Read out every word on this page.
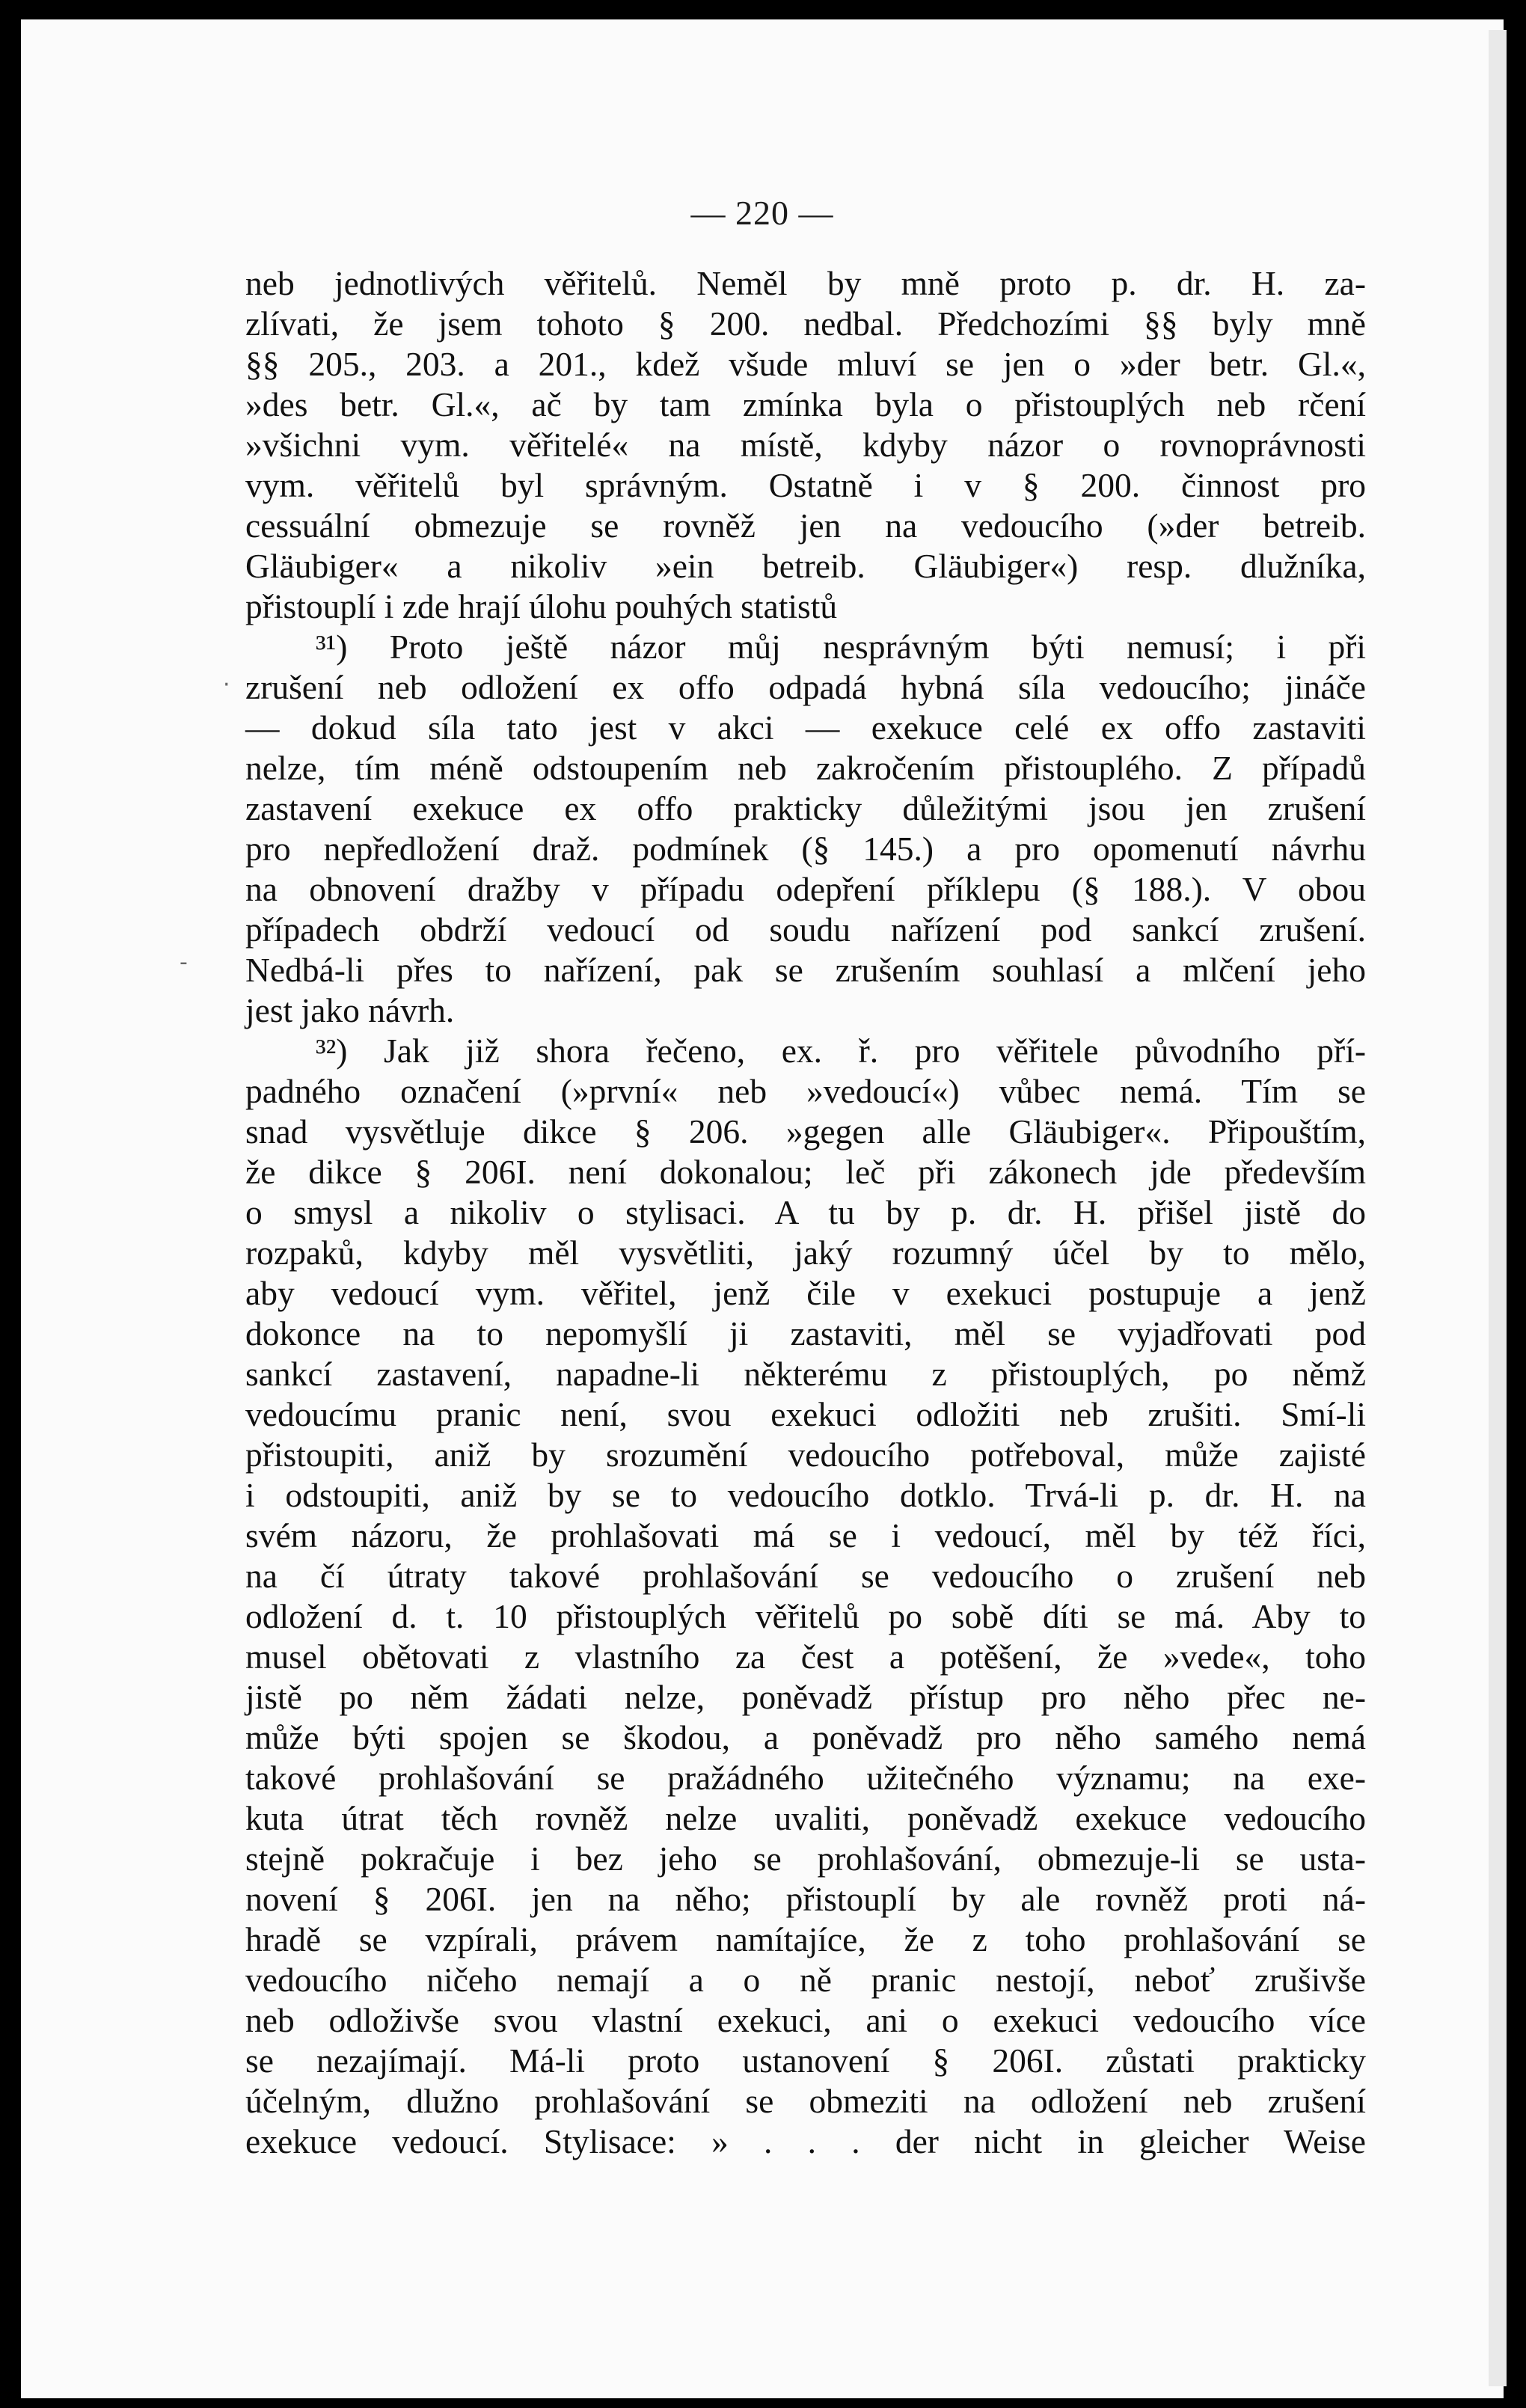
— 220 —
·
-
neb jednotlivých věřitelů. Neměl by mně proto p. dr. H. za-
zlívati, že jsem tohoto § 200. nedbal. Předchozími §§ byly mně
§§ 205., 203. a 201., kdež všude mluví se jen o »der betr. Gl.«,
»des betr. Gl.«, ač by tam zmínka byla o přistouplých neb rčení
»všichni vym. věřitelé« na místě, kdyby názor o rovnoprávnosti
vym. věřitelů byl správným. Ostatně i v § 200. činnost pro
cessuální obmezuje se rovněž jen na vedoucího (»der betreib.
Gläubiger« a nikoliv »ein betreib. Gläubiger«) resp. dlužníka,
přistouplí i zde hrají úlohu pouhých statistů
³¹) Proto ještě názor můj nesprávným býti nemusí; i při
zrušení neb odložení ex offo odpadá hybná síla vedoucího; jináče
— dokud síla tato jest v akci — exekuce celé ex offo zastaviti
nelze, tím méně odstoupením neb zakročením přistouplého. Z případů
zastavení exekuce ex offo prakticky důležitými jsou jen zrušení
pro nepředložení draž. podmínek (§ 145.) a pro opomenutí návrhu
na obnovení dražby v případu odepření příklepu (§ 188.). V obou
případech obdrží vedoucí od soudu nařízení pod sankcí zrušení.
Nedbá-li přes to nařízení, pak se zrušením souhlasí a mlčení jeho
jest jako návrh.
³²) Jak již shora řečeno, ex. ř. pro věřitele původního pří-
padného označení (»první« neb »vedoucí«) vůbec nemá. Tím se
snad vysvětluje dikce § 206. »gegen alle Gläubiger«. Připouštím,
že dikce § 206I. není dokonalou; leč při zákonech jde především
o smysl a nikoliv o stylisaci. A tu by p. dr. H. přišel jistě do
rozpaků, kdyby měl vysvětliti, jaký rozumný účel by to mělo,
aby vedoucí vym. věřitel, jenž čile v exekuci postupuje a jenž
dokonce na to nepomyšlí ji zastaviti, měl se vyjadřovati pod
sankcí zastavení, napadne-li některému z přistouplých, po němž
vedoucímu pranic není, svou exekuci odložiti neb zrušiti. Smí-li
přistoupiti, aniž by srozumění vedoucího potřeboval, může zajisté
i odstoupiti, aniž by se to vedoucího dotklo. Trvá-li p. dr. H. na
svém názoru, že prohlašovati má se i vedoucí, měl by též říci,
na čí útraty takové prohlašování se vedoucího o zrušení neb
odložení d. t. 10 přistouplých věřitelů po sobě díti se má. Aby to
musel obětovati z vlastního za čest a potěšení, že »vede«, toho
jistě po něm žádati nelze, poněvadž přístup pro něho přec ne-
může býti spojen se škodou, a poněvadž pro něho samého nemá
takové prohlašování se pražádného užitečného významu; na exe-
kuta útrat těch rovněž nelze uvaliti, poněvadž exekuce vedoucího
stejně pokračuje i bez jeho se prohlašování, obmezuje-li se usta-
novení § 206I. jen na něho; přistouplí by ale rovněž proti ná-
hradě se vzpírali, právem namítajíce, že z toho prohlašování se
vedoucího ničeho nemají a o ně pranic nestojí, neboť zrušivše
neb odloživše svou vlastní exekuci, ani o exekuci vedoucího více
se nezajímají. Má-li proto ustanovení § 206I. zůstati prakticky
účelným, dlužno prohlašování se obmeziti na odložení neb zrušení
exekuce vedoucí. Stylisace: » . . . der nicht in gleicher Weise
